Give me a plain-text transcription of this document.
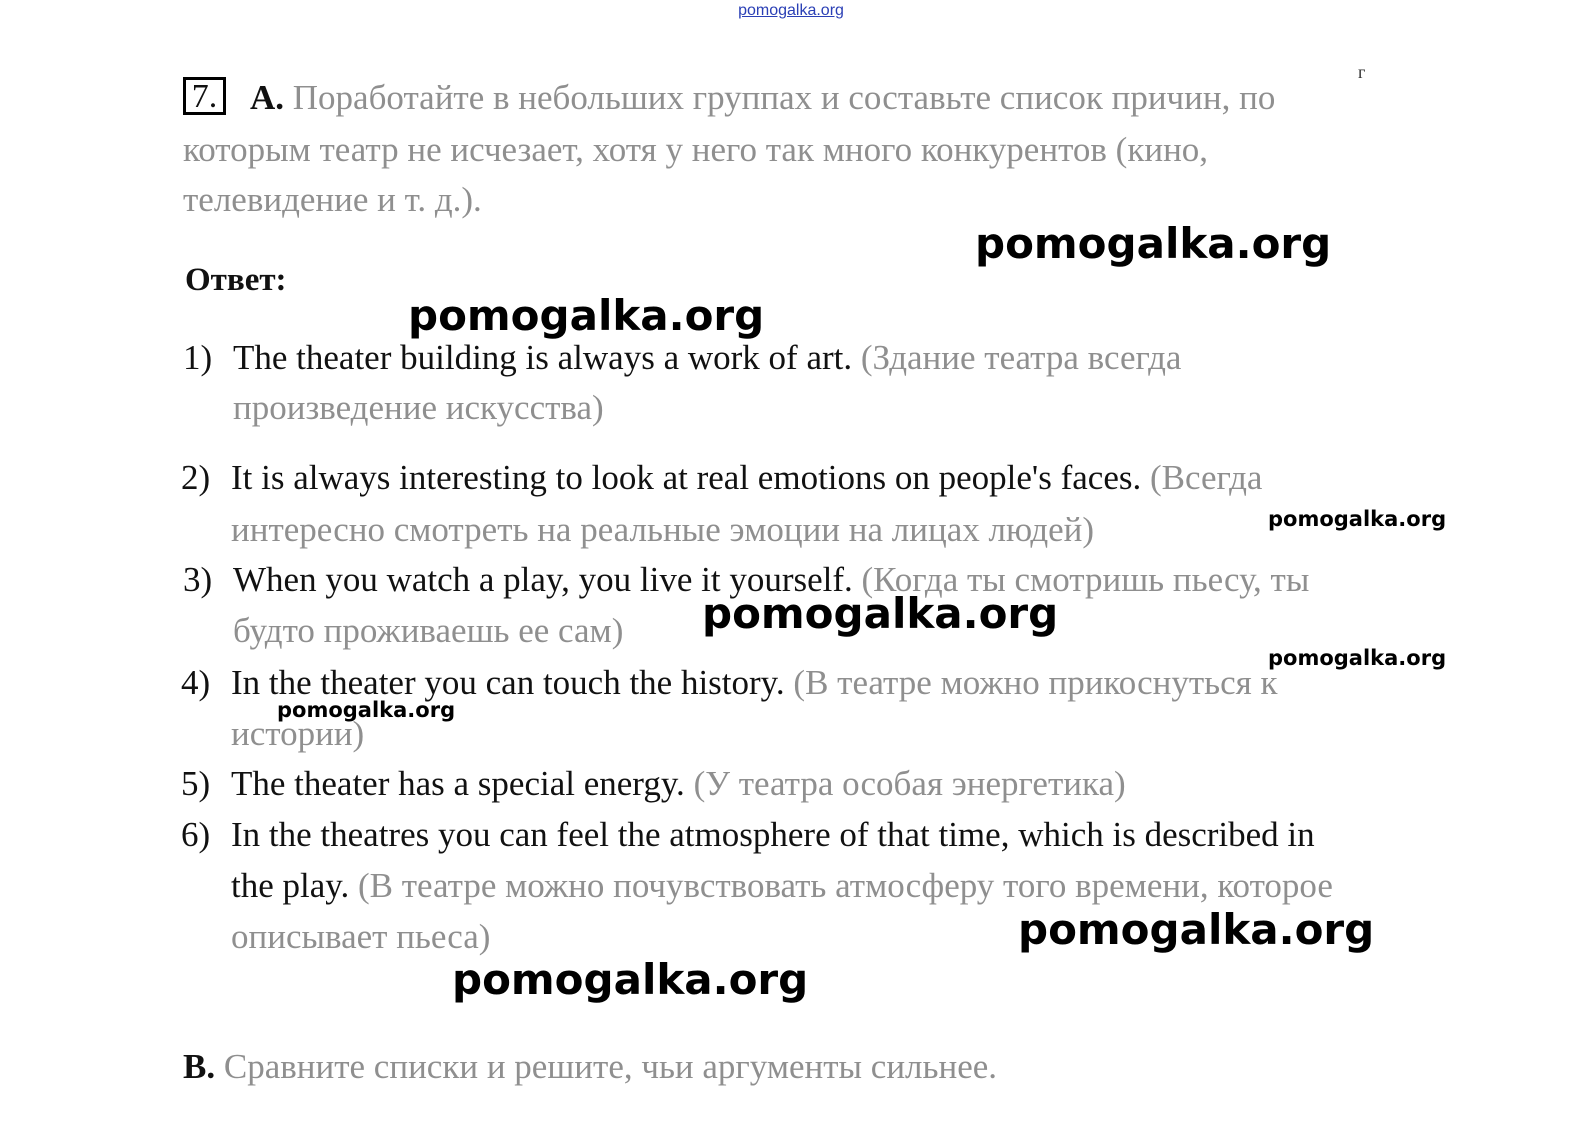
pomogalka.org
г
7. А. Поработайте в небольших группах и составьте список причин, по
которым театр не исчезает, хотя у него так много конкурентов (кино,
телевидение и т. д.).
Ответ:
1) The theater building is always a work of art. (Здание театра всегда
произведение искусства)
2) It is always interesting to look at real emotions on people's faces. (Всегда
интересно смотреть на реальные эмоции на лицах людей)
3) When you watch a play, you live it yourself. (Когда ты смотришь пьесу, ты
будто проживаешь ее сам)
4) In the theater you can touch the history. (В театре можно прикоснуться к
истории)
5) The theater has a special energy. (У театра особая энергетика)
6) In the theatres you can feel the atmosphere of that time, which is described in
the play. (В театре можно почувствовать атмосферу того времени, которое
описывает пьеса)
В. Сравните списки и решите, чьи аргументы сильнее.
pomogalka.org
pomogalka.org
pomogalka.org
pomogalka.org
pomogalka.org
pomogalka.org
pomogalka.org
pomogalka.org
